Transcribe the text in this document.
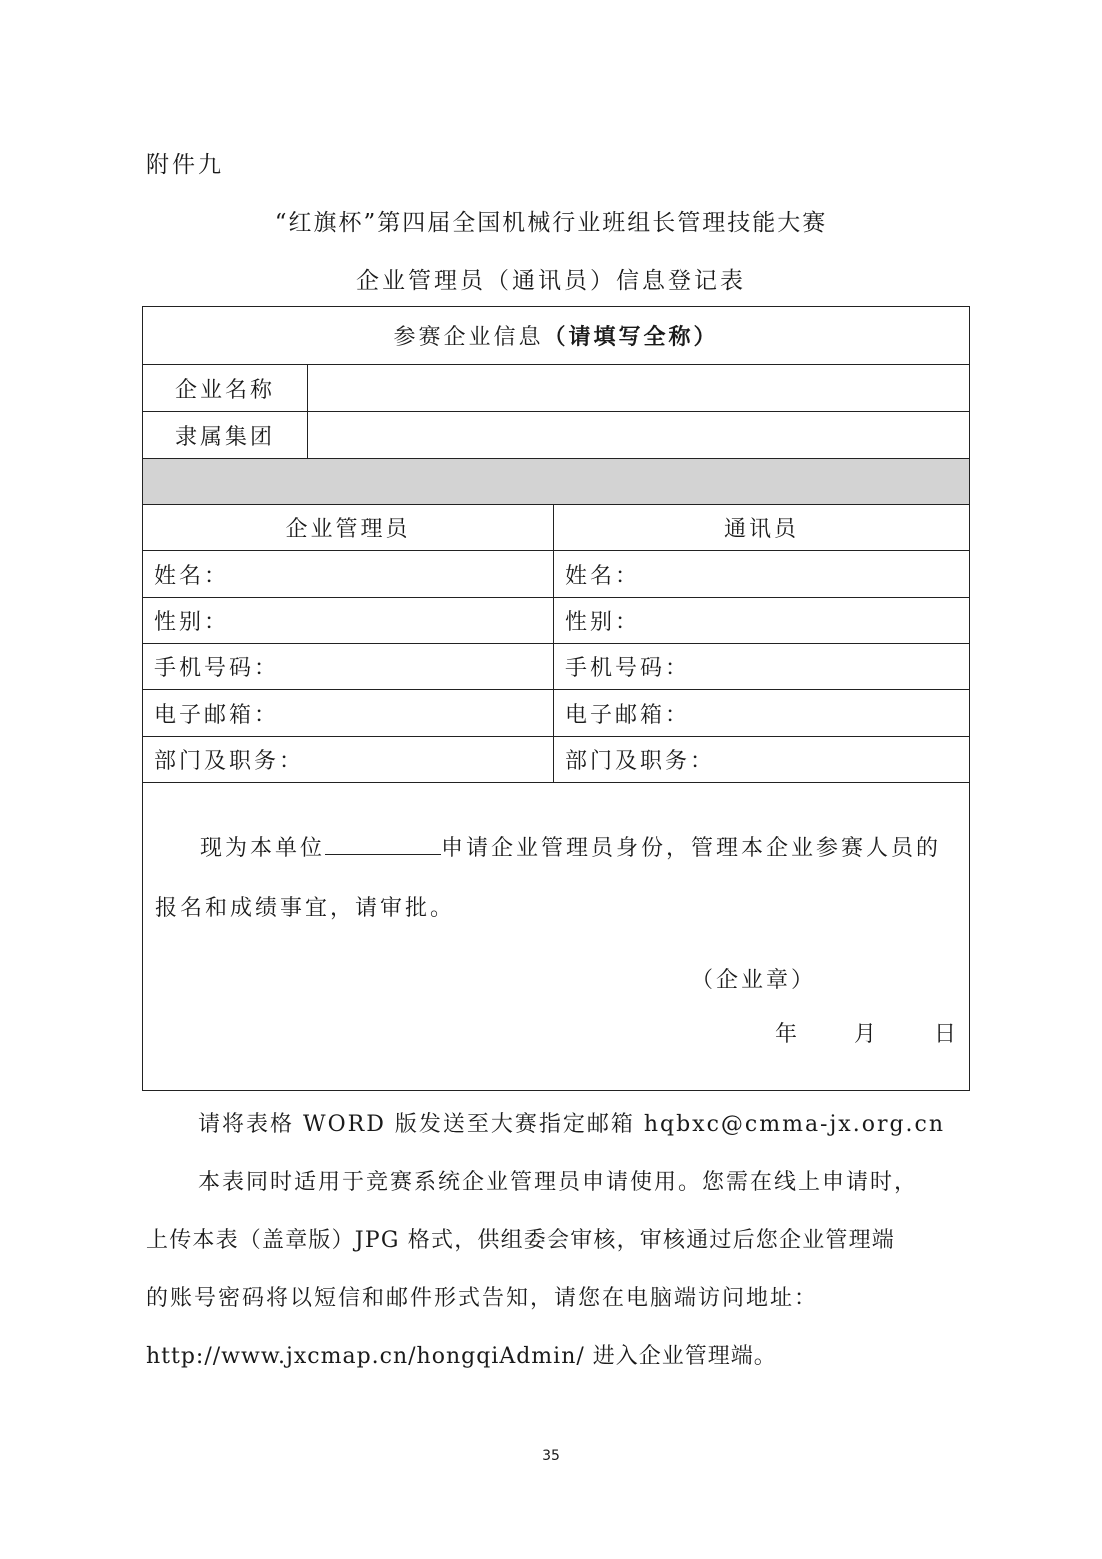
附件九
“红旗杯”第四届全国机械行业班组长管理技能大赛
企业管理员（通讯员）信息登记表
参赛企业信息 （请填写全称）
企业名称
隶属集团
企业管理员	通讯员
姓名：	姓名：
性别：	性别：
手机号码：	手机号码：
电子邮箱：	电子邮箱：
部门及职务：	部门及职务：
现为本单位	申请企业管理员身份，管理本企业参赛人员的
报名和成绩事宜，请审批。
（企业章）
年	月	日
请将表格 WORD 版发送至大赛指定邮箱 hqbxc@cmma-jx.org.cn
本表同时适用于竞赛系统企业管理员申请使用。您需在线上申请时，
上传本表（盖章版）JPG 格式，供组委会审核，审核通过后您企业管理端
的账号密码将以短信和邮件形式告知，请您在电脑端访问地址：
http://www.jxcmap.cn/hongqiAdmin/ 进入企业管理端。
35
